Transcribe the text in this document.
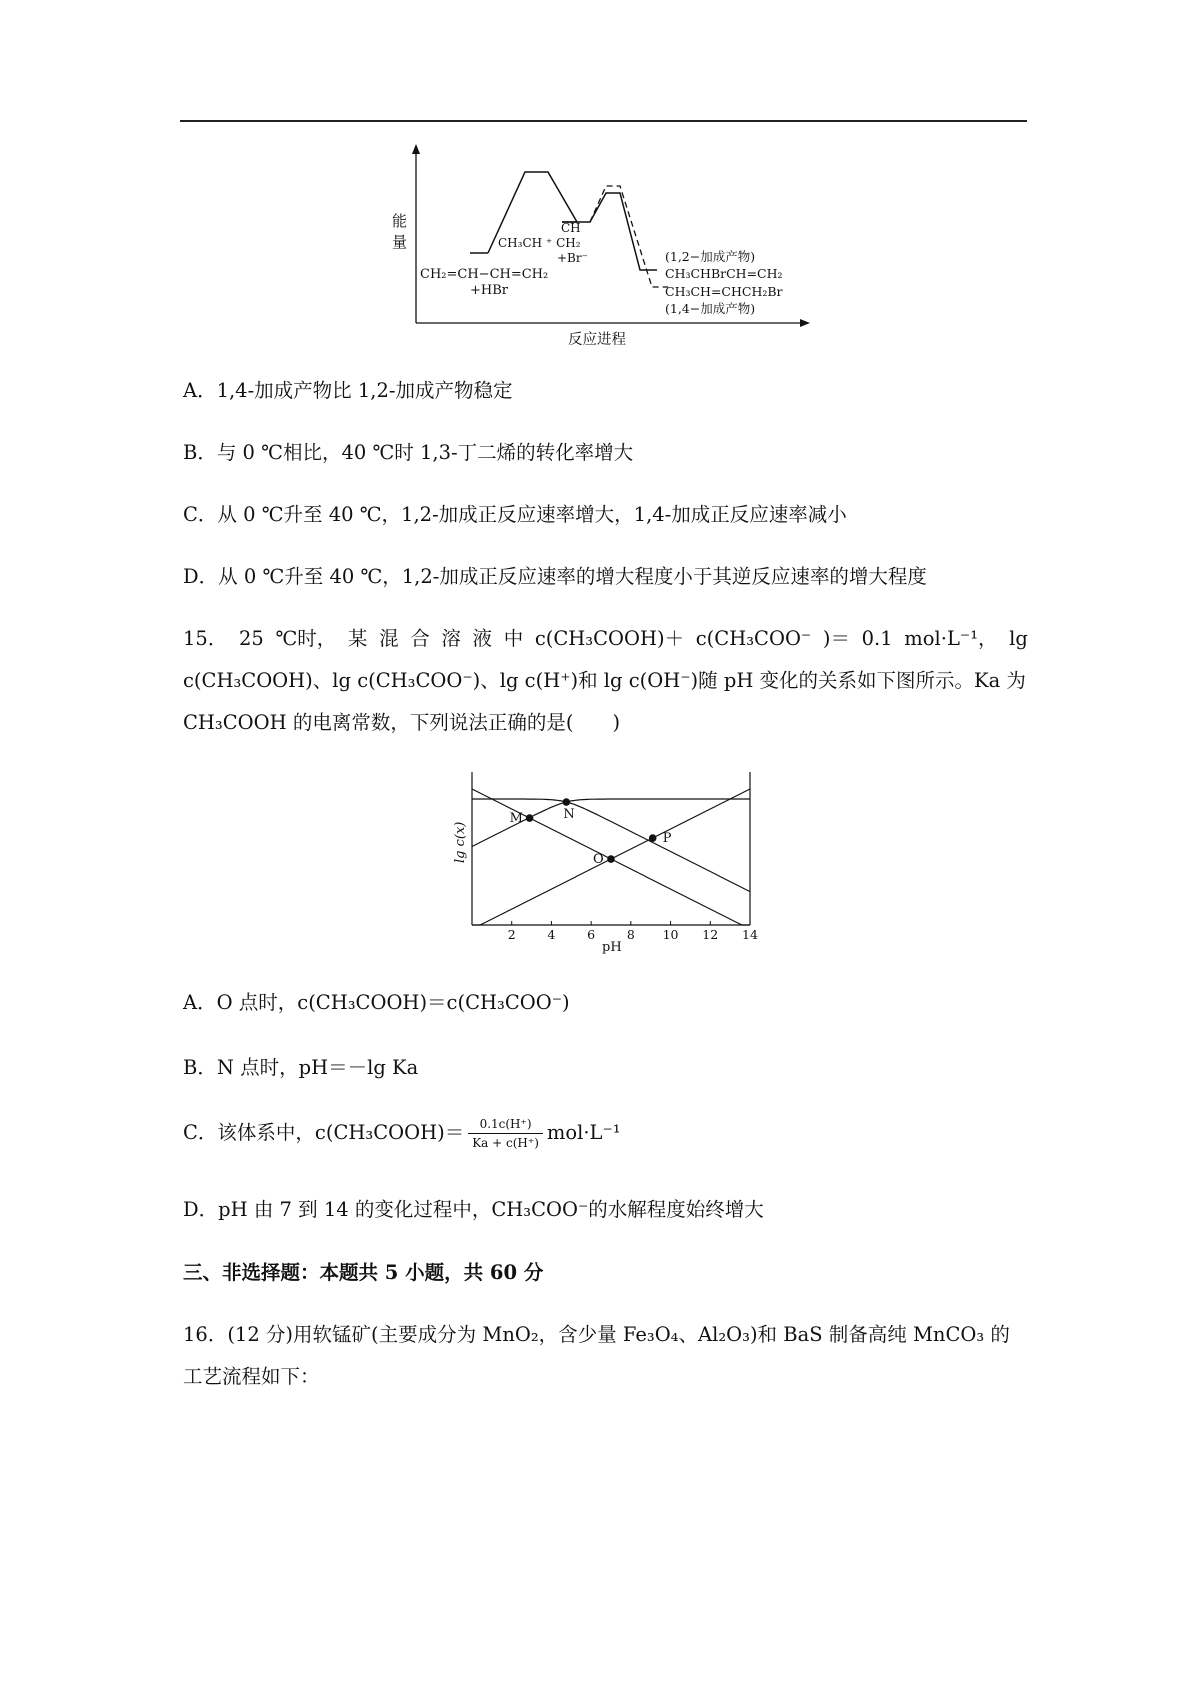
能
量
反应进程
CH₂=CH−CH=CH₂
+HBr
CH
CH₃CH ⁺ CH₂
+Br⁻	(1,2−加成产物)
CH₃CHBrCH=CH₂
CH₃CH=CHCH₂Br
(1,4−加成产物)
A．1,4-加成产物比 1,2-加成产物稳定
B．与 0 ℃相比，40 ℃时 1,3-丁二烯的转化率增大
C．从 0 ℃升至 40 ℃，1,2-加成正反应速率增大，1,4-加成正反应速率减小
D．从 0 ℃升至 40 ℃，1,2-加成正反应速率的增大程度小于其逆反应速率的增大程度
15． 25 ℃时， 某 混 合 溶 液 中 c(CH₃COOH)＋ c(CH₃COO⁻ )＝ 0.1 mol·L⁻¹， lg
c(CH₃COOH)、lg c(CH₃COO⁻)、lg c(H⁺)和 lg c(OH⁻)随 pH 变化的关系如下图所示。Ka 为
CH₃COOH 的电离常数，下列说法正确的是(　　)
2	4	6	8 10 12 14
M	N
P
O
pH
lg c(x)
A．O 点时，c(CH₃COOH)＝c(CH₃COO⁻)
B．N 点时，pH＝－lg Ka
C．该体系中，c(CH₃COOH)＝ $\frac{0.1c(H^+)}{Ka + c(H^+)} mol\cdot L^{-1}$
D．pH 由 7 到 14 的变化过程中，CH₃COO⁻的水解程度始终增大
三、非选择题：本题共 5 小题，共 60 分
16．(12 分)用软锰矿(主要成分为 MnO₂，含少量 Fe₃O₄、Al₂O₃)和 BaS 制备高纯 MnCO₃ 的
工艺流程如下：
